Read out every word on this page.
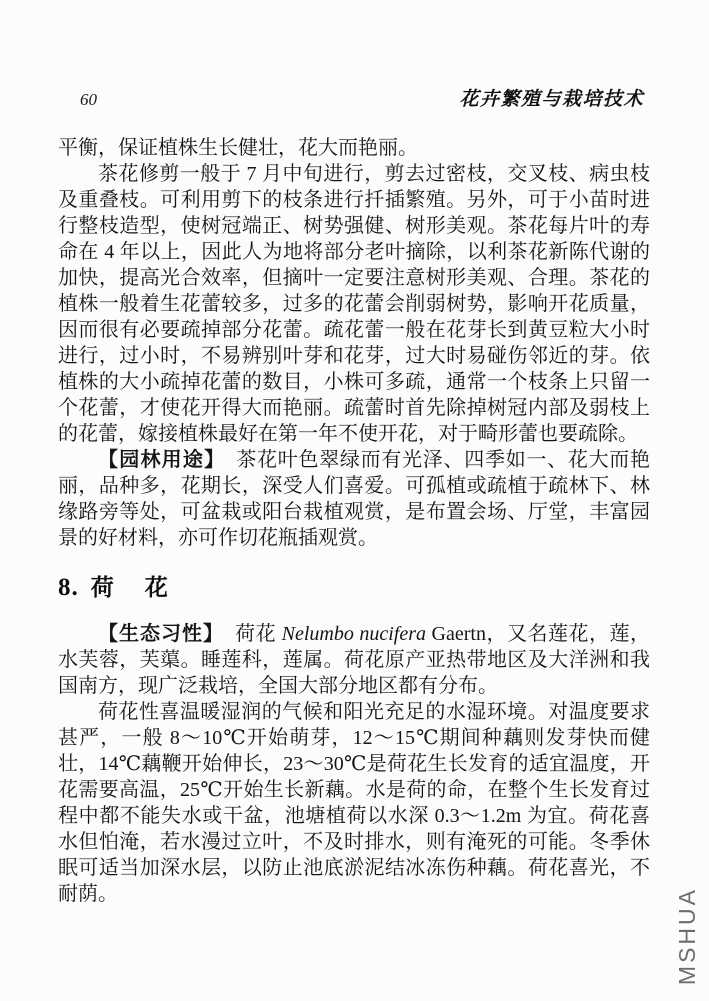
60	花卉繁殖与栽培技术

平衡，保证植株生长健壮，花大而艳丽。

茶花修剪一般于 7 月中旬进行，剪去过密枝，交叉枝、病虫枝及重叠枝。可利用剪下的枝条进行扦插繁殖。另外，可于小苗时进行整枝造型，使树冠端正、树势强健、树形美观。茶花每片叶的寿命在 4 年以上，因此人为地将部分老叶摘除，以利茶花新陈代谢的加快，提高光合效率，但摘叶一定要注意树形美观、合理。茶花的植株一般着生花蕾较多，过多的花蕾会削弱树势，影响开花质量，因而很有必要疏掉部分花蕾。疏花蕾一般在花芽长到黄豆粒大小时进行，过小时，不易辨别叶芽和花芽，过大时易碰伤邻近的芽。依植株的大小疏掉花蕾的数目，小株可多疏，通常一个枝条上只留一个花蕾，才使花开得大而艳丽。疏蕾时首先除掉树冠内部及弱枝上的花蕾，嫁接植株最好在第一年不使开花，对于畸形蕾也要疏除。

【园林用途】 茶花叶色翠绿而有光泽、四季如一、花大而艳丽，品种多，花期长，深受人们喜爱。可孤植或疏植于疏林下、林缘路旁等处，可盆栽或阳台栽植观赏，是布置会场、厅堂，丰富园景的好材料，亦可作切花瓶插观赏。

8. 荷　花

【生态习性】 荷花 Nelumbo nucifera Gaertn，又名莲花，莲，水芙蓉，芙蕖。睡莲科，莲属。荷花原产亚热带地区及大洋洲和我国南方，现广泛栽培，全国大部分地区都有分布。

荷花性喜温暖湿润的气候和阳光充足的水湿环境。对温度要求甚严，一般 8～10℃开始萌芽，12～15℃期间种藕则发芽快而健壮，14℃藕鞭开始伸长，23～30℃是荷花生长发育的适宜温度，开花需要高温，25℃开始生长新藕。水是荷的命，在整个生长发育过程中都不能失水或干盆，池塘植荷以水深 0.3～1.2m 为宜。荷花喜水但怕淹，若水漫过立叶，不及时排水，则有淹死的可能。冬季休眠可适当加深水层，以防止池底淤泥结冰冻伤种藕。荷花喜光，不耐荫。	MSHUA
